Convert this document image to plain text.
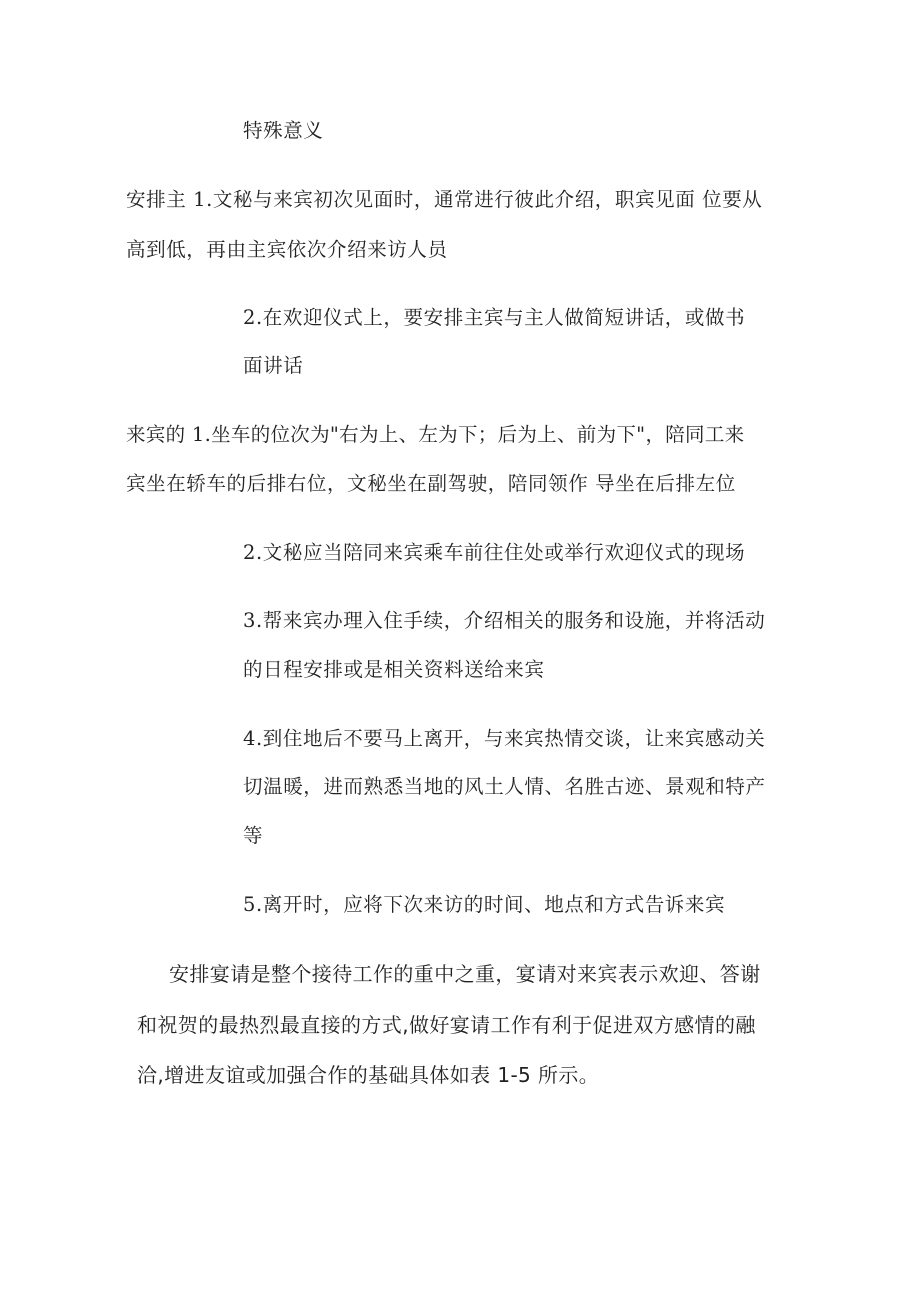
特殊意义
安排主 1.文秘与来宾初次见面时，通常进行彼此介绍，职宾见面 位要从
高到低，再由主宾依次介绍来访人员
2.在欢迎仪式上，要安排主宾与主人做简短讲话，或做书
面讲话
来宾的 1.坐车的位次为"右为上、左为下；后为上、前为下"，陪同工来
宾坐在轿车的后排右位，文秘坐在副驾驶，陪同领作 导坐在后排左位
2.文秘应当陪同来宾乘车前往住处或举行欢迎仪式的现场
3.帮来宾办理入住手续，介绍相关的服务和设施，并将活动
的日程安排或是相关资料送给来宾
4.到住地后不要马上离开，与来宾热情交谈，让来宾感动关
切温暖，进而熟悉当地的风土人情、名胜古迹、景观和特产
等
5.离开时，应将下次来访的时间、地点和方式告诉来宾
安排宴请是整个接待工作的重中之重，宴请对来宾表示欢迎、答谢
和祝贺的最热烈最直接的方式,做好宴请工作有利于促进双方感情的融
洽,增进友谊或加强合作的基础具体如表 1-5 所示。
